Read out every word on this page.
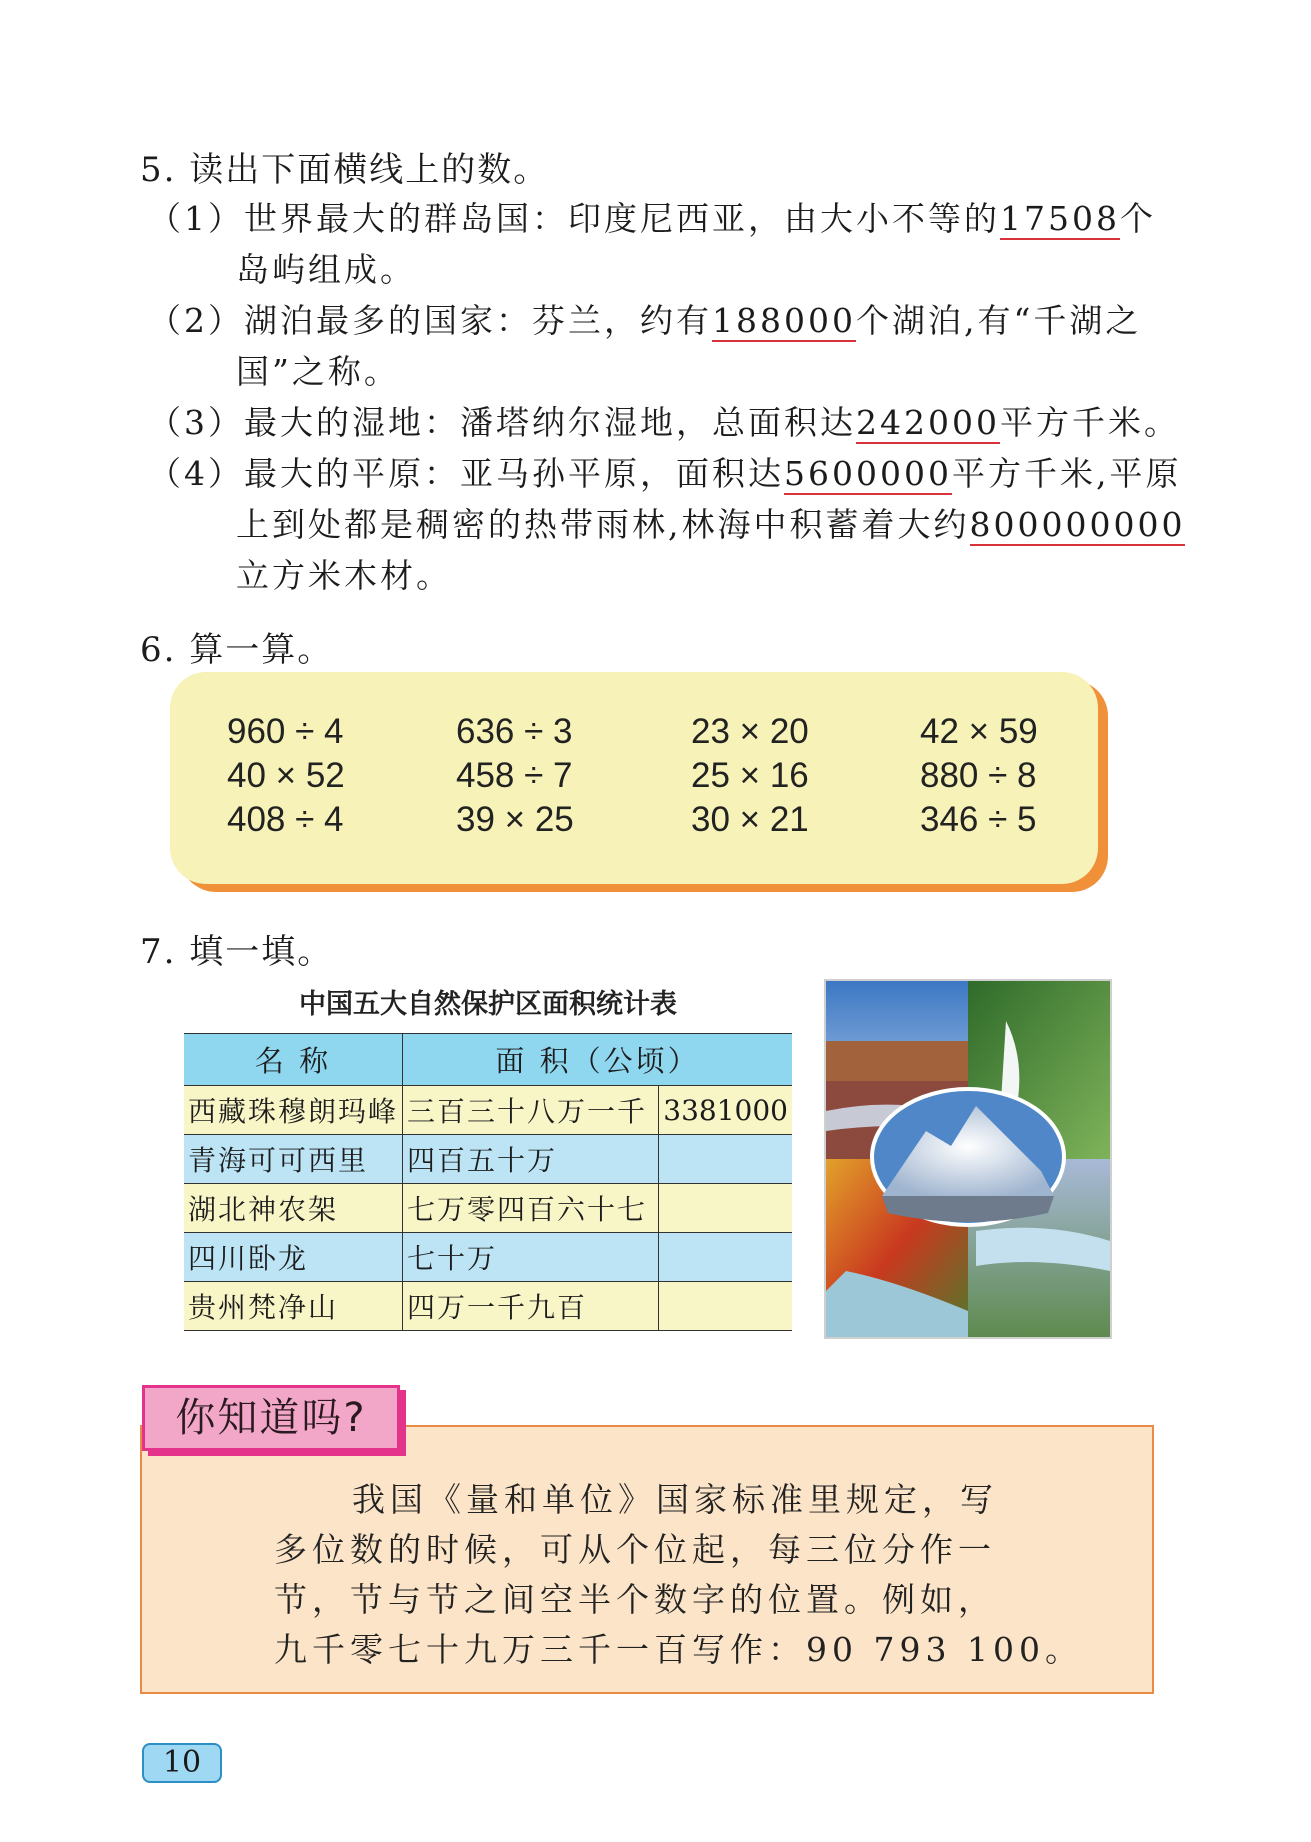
5. 读出下面横线上的数。
（1）世界最大的群岛国：印度尼西亚，由大小不等的17508个
岛屿组成。
（2）湖泊最多的国家：芬兰，约有188000个湖泊,有“千湖之
国”之称。
（3）最大的湿地：潘塔纳尔湿地，总面积达242000平方千米。
（4）最大的平原：亚马孙平原，面积达5600000平方千米,平原
上到处都是稠密的热带雨林,林海中积蓄着大约800000000
立方米木材。
6. 算一算。
960 ÷ 4	636 ÷ 3	23 × 20	42 × 59
40 × 52	458 ÷ 7	25 × 16	880 ÷ 8
408 ÷ 4	39 × 25	30 × 21	346 ÷ 5
7. 填一填。
中国五大自然保护区面积统计表
名 称	面 积（公顷）	
西藏珠穆朗玛峰	三百三十八万一千	3381000
青海可可西里	四百五十万	
湖北神农架	七万零四百六十七	
四川卧龙	七十万	
贵州梵净山	四万一千九百	
我国《量和单位》国家标准里规定，写
多位数的时候，可从个位起，每三位分作一
节，节与节之间空半个数字的位置。例如，
九千零七十九万三千一百写作：90 793 100。
你知道吗?
10
